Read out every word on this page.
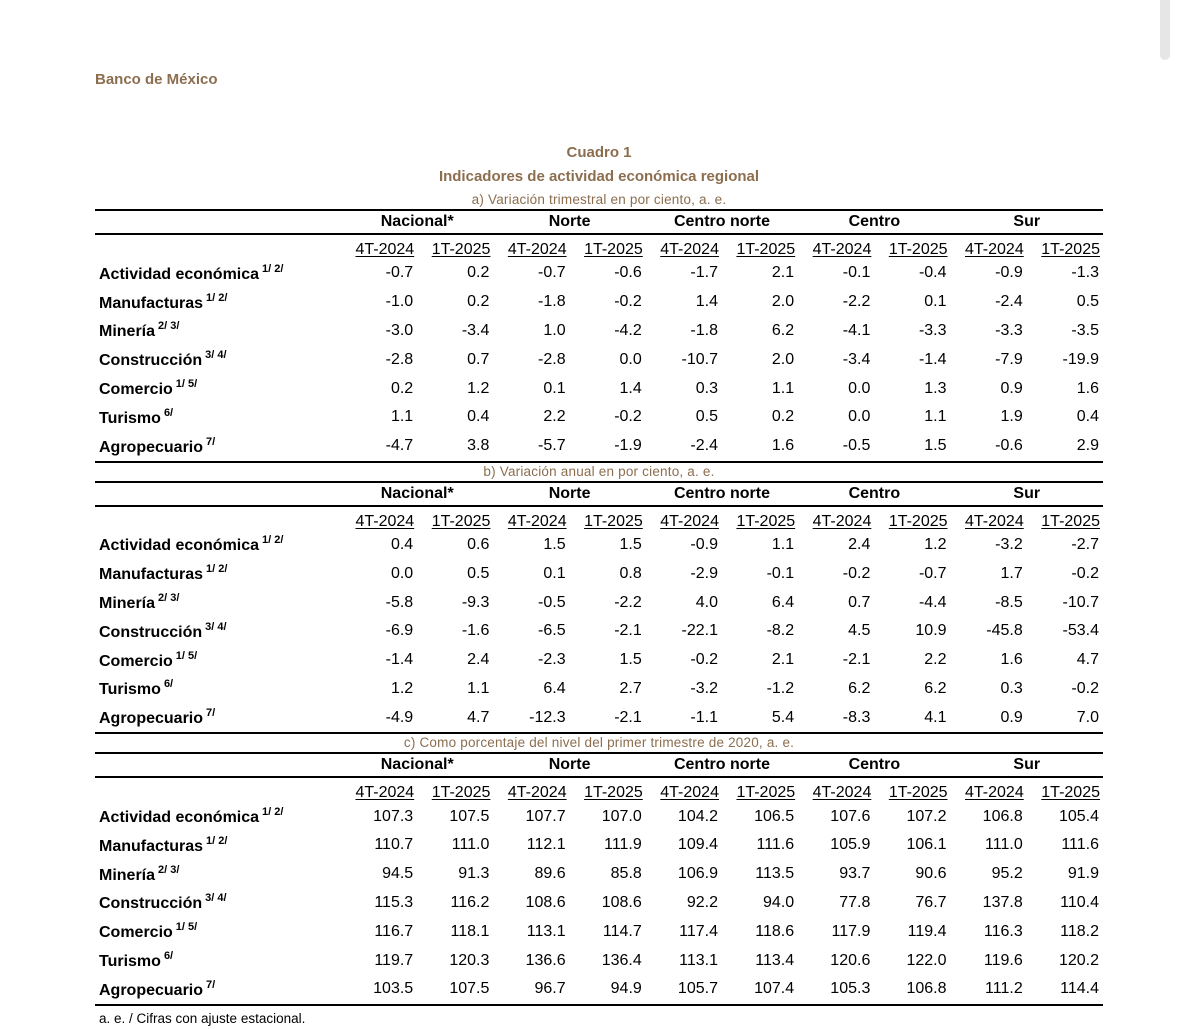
Banco de México
Cuadro 1
Indicadores de actividad económica regional
a) Variación trimestral en por ciento, a. e.
	Nacional*		Norte		Centro norte		Centro		Sur	
	4T-2024	1T-2025	4T-2024	1T-2025	4T-2024	1T-2025	4T-2024	1T-2025	4T-2024	1T-2025
Actividad económica $^{1/ 2/}$	-0.7	0.2	-0.7	-0.6	-1.7	2.1	-0.1	-0.4	-0.9	-1.3
Manufacturas $^{1/ 2/}$	-1.0	0.2	-1.8	-0.2	1.4	2.0	-2.2	0.1	-2.4	0.5
Minería $^{2/ 3/}$	-3.0	-3.4	1.0	-4.2	-1.8	6.2	-4.1	-3.3	-3.3	-3.5
Construcción $^{3/ 4/}$	-2.8	0.7	-2.8	0.0	-10.7	2.0	-3.4	-1.4	-7.9	-19.9
Comercio $^{1/ 5/}$	0.2	1.2	0.1	1.4	0.3	1.1	0.0	1.3	0.9	1.6
Turismo $^{6/}$	1.1	0.4	2.2	-0.2	0.5	0.2	0.0	1.1	1.9	0.4
Agropecuario $^{7/}$	-4.7	3.8	-5.7	-1.9	-2.4	1.6	-0.5	1.5	-0.6	2.9
b) Variación anual en por ciento, a. e.
	Nacional*		Norte		Centro norte		Centro		Sur	
	4T-2024	1T-2025	4T-2024	1T-2025	4T-2024	1T-2025	4T-2024	1T-2025	4T-2024	1T-2025
Actividad económica $^{1/ 2/}$	0.4	0.6	1.5	1.5	-0.9	1.1	2.4	1.2	-3.2	-2.7
Manufacturas $^{1/ 2/}$	0.0	0.5	0.1	0.8	-2.9	-0.1	-0.2	-0.7	1.7	-0.2
Minería $^{2/ 3/}$	-5.8	-9.3	-0.5	-2.2	4.0	6.4	0.7	-4.4	-8.5	-10.7
Construcción $^{3/ 4/}$	-6.9	-1.6	-6.5	-2.1	-22.1	-8.2	4.5	10.9	-45.8	-53.4
Comercio $^{1/ 5/}$	-1.4	2.4	-2.3	1.5	-0.2	2.1	-2.1	2.2	1.6	4.7
Turismo $^{6/}$	1.2	1.1	6.4	2.7	-3.2	-1.2	6.2	6.2	0.3	-0.2
Agropecuario $^{7/}$	-4.9	4.7	-12.3	-2.1	-1.1	5.4	-8.3	4.1	0.9	7.0
c) Como porcentaje del nivel del primer trimestre de 2020, a. e.
	Nacional*		Norte		Centro norte		Centro		Sur	
	4T-2024	1T-2025	4T-2024	1T-2025	4T-2024	1T-2025	4T-2024	1T-2025	4T-2024	1T-2025
Actividad económica $^{1/ 2/}$	107.3	107.5	107.7	107.0	104.2	106.5	107.6	107.2	106.8	105.4
Manufacturas $^{1/ 2/}$	110.7	111.0	112.1	111.9	109.4	111.6	105.9	106.1	111.0	111.6
Minería $^{2/ 3/}$	94.5	91.3	89.6	85.8	106.9	113.5	93.7	90.6	95.2	91.9
Construcción $^{3/ 4/}$	115.3	116.2	108.6	108.6	92.2	94.0	77.8	76.7	137.8	110.4
Comercio $^{1/ 5/}$	116.7	118.1	113.1	114.7	117.4	118.6	117.9	119.4	116.3	118.2
Turismo $^{6/}$	119.7	120.3	136.6	136.4	113.1	113.4	120.6	122.0	119.6	120.2
Agropecuario $^{7/}$	103.5	107.5	96.7	94.9	105.7	107.4	105.3	106.8	111.2	114.4
a. e. / Cifras con ajuste estacional.
